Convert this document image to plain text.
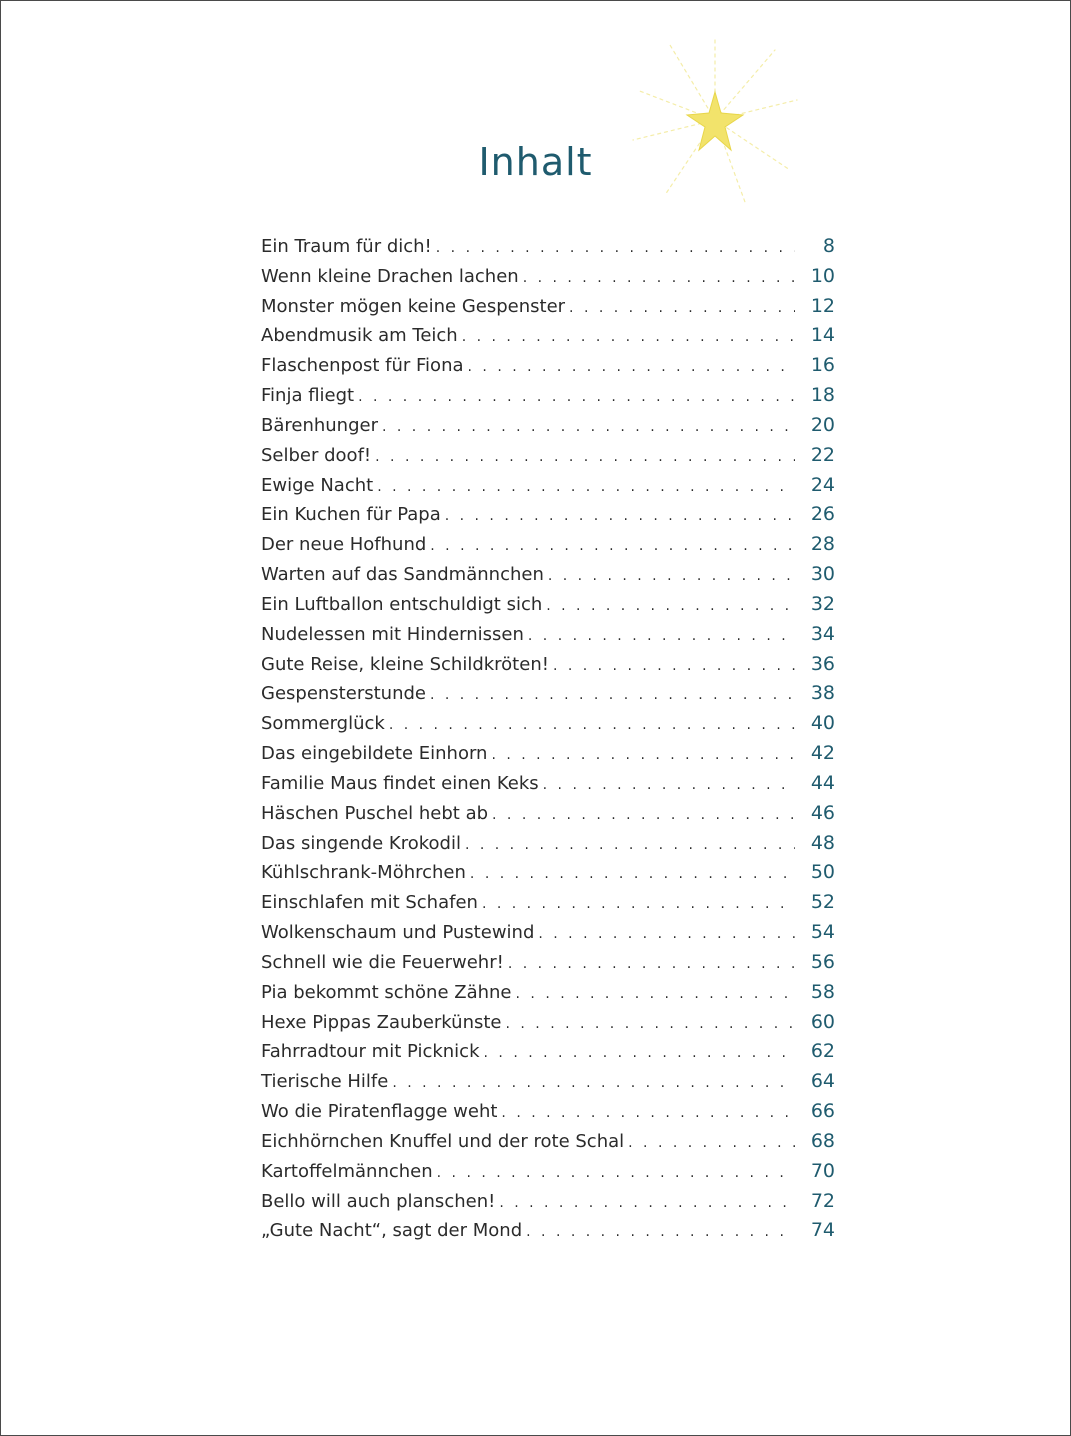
Inhalt
Ein Traum für dich! . . .	8
Wenn kleine Drachen lachen . . .	10
Monster mögen keine Gespenster . . .	12
Abendmusik am Teich . . .	14
Flaschenpost für Fiona . . .	16
Finja fliegt . . .	18
Bärenhunger . . .	20
Selber doof! . . .	22
Ewige Nacht . . .	24
Ein Kuchen für Papa . . .	26
Der neue Hofhund . . .	28
Warten auf das Sandmännchen . . .	30
Ein Luftballon entschuldigt sich . . .	32
Nudelessen mit Hindernissen . . .	34
Gute Reise, kleine Schildkröten! . . .	36
Gespensterstunde . . .	38
Sommerglück . . .	40
Das eingebildete Einhorn . . .	42
Familie Maus findet einen Keks . . .	44
Häschen Puschel hebt ab . . .	46
Das singende Krokodil . . .	48
Kühlschrank-Möhrchen . . .	50
Einschlafen mit Schafen . . .	52
Wolkenschaum und Pustewind . . .	54
Schnell wie die Feuerwehr! . . .	56
Pia bekommt schöne Zähne . . .	58
Hexe Pippas Zauberkünste . . .	60
Fahrradtour mit Picknick . . .	62
Tierische Hilfe . . .	64
Wo die Piratenflagge weht . . .	66
Eichhörnchen Knuffel und der rote Schal . . .	68
Kartoffelmännchen . . .	70
Bello will auch planschen! . . .	72
„Gute Nacht“, sagt der Mond . . .	74
